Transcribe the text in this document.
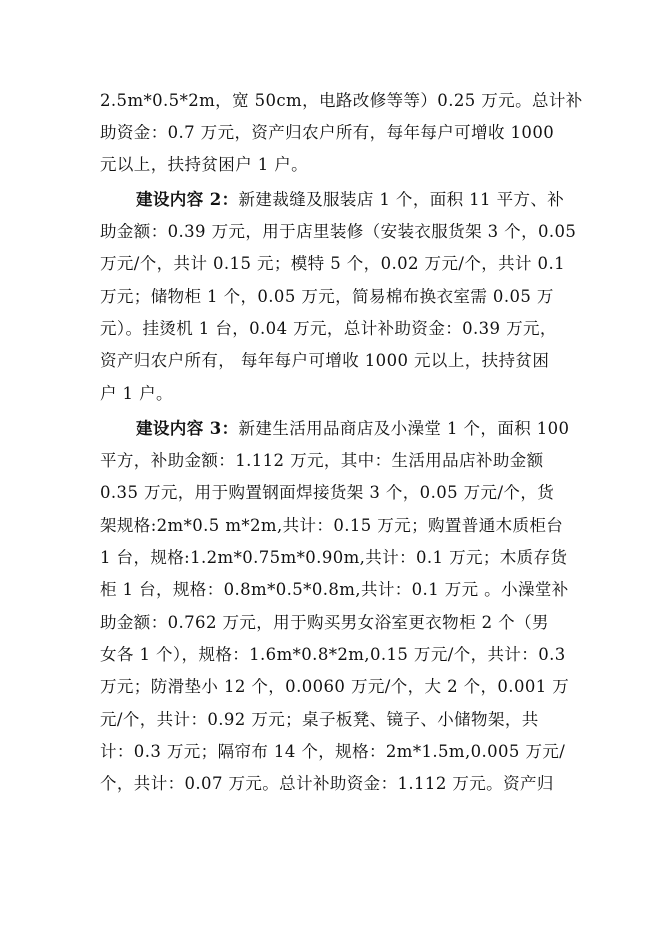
2.5m*0.5*2m，宽 50cm，电路改修等等）0.25 万元。总计补
助资金：0.7 万元，资产归农户所有，每年每户可增收 1000
元以上，扶持贫困户 1 户。
建设内容 2：新建裁缝及服装店 1 个，面积 11 平方、补
助金额：0.39 万元，用于店里装修（安装衣服货架 3 个，0.05
万元/个，共计 0.15 元；模特 5 个，0.02 万元/个，共计 0.1
万元；储物柜 1 个，0.05 万元，简易棉布换衣室需 0.05 万
元）。挂烫机 1 台，0.04 万元，总计补助资金：0.39 万元，
资产归农户所有， 每年每户可增收 1000 元以上，扶持贫困
户 1 户。
建设内容 3：新建生活用品商店及小澡堂 1 个，面积 100
平方，补助金额：1.112 万元，其中：生活用品店补助金额
0.35 万元，用于购置钢面焊接货架 3 个，0.05 万元/个，货
架规格:2m*0.5 m*2m,共计：0.15 万元；购置普通木质柜台
1 台，规格:1.2m*0.75m*0.90m,共计：0.1 万元；木质存货
柜 1 台，规格：0.8m*0.5*0.8m,共计：0.1 万元 。小澡堂补
助金额：0.762 万元，用于购买男女浴室更衣物柜 2 个（男
女各 1 个），规格：1.6m*0.8*2m,0.15 万元/个，共计：0.3
万元；防滑垫小 12 个，0.0060 万元/个，大 2 个，0.001 万
元/个，共计：0.92 万元；桌子板凳、镜子、小储物架，共
计：0.3 万元；隔帘布 14 个，规格：2m*1.5m,0.005 万元/
个，共计：0.07 万元。总计补助资金：1.112 万元。资产归
